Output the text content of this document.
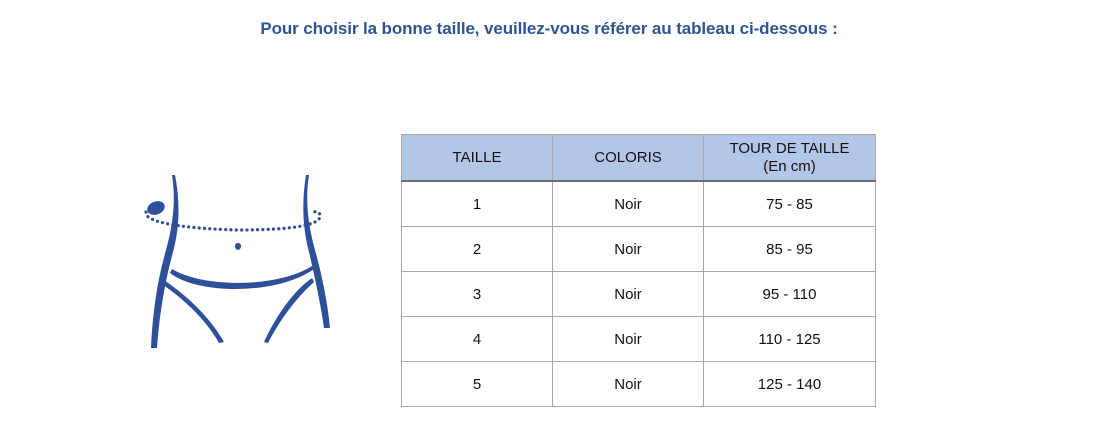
Pour choisir la bonne taille, veuillez-vous référer au tableau ci-dessous :
TAILLE	COLORIS	TOUR DE TAILLE
(En cm)

1	Noir	75 - 85
2	Noir	85 - 95
3	Noir	95 - 110
4	Noir	110 - 125
5	Noir	125 - 140
